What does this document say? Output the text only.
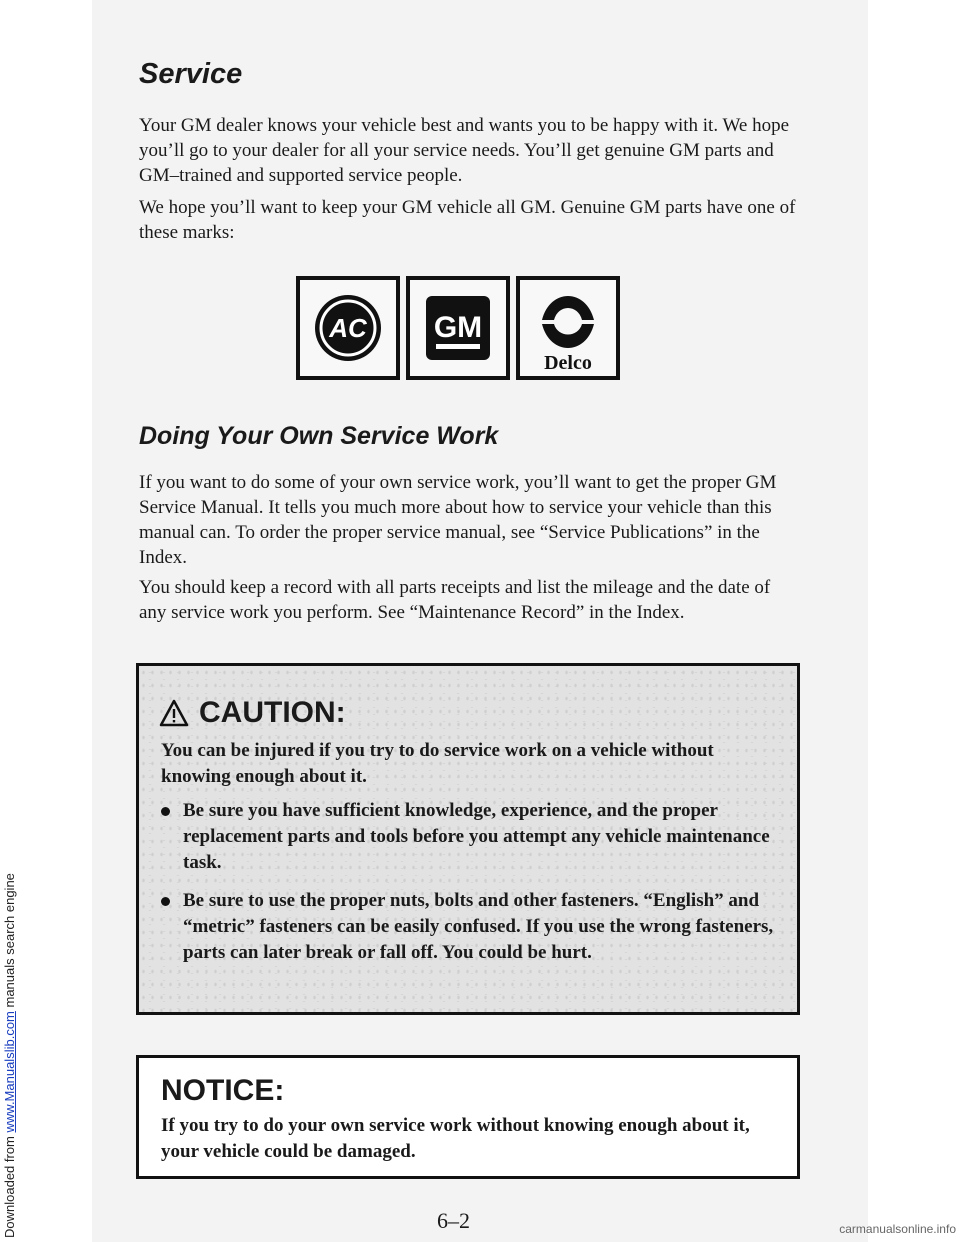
Downloaded from www.Manualslib.com manuals search engine
Service

Your GM dealer knows your vehicle best and wants you to be happy with it. We hope you’ll go to your dealer for all your service needs. You’ll get genuine GM parts and GM–trained and supported service people.

We hope you’ll want to keep your GM vehicle all GM. Genuine GM parts have one of these marks:

AC GM
Delco
Doing Your Own Service Work

If you want to do some of your own service work, you’ll want to get the proper GM Service Manual. It tells you much more about how to service your vehicle than this manual can. To order the proper service manual, see “Service Publications” in the Index.

You should keep a record with all parts receipts and list the mileage and the date of any service work you perform. See “Maintenance Record” in the Index.

CAUTION:

You can be injured if you try to do service work on a vehicle without knowing enough about it.

Be sure you have sufficient knowledge, experience, and the proper replacement parts and tools before you attempt any vehicle maintenance task.
Be sure to use the proper nuts, bolts and other fasteners. “English” and “metric” fasteners can be easily confused. If you use the wrong fasteners, parts can later break or fall off. You could be hurt.
NOTICE:

If you try to do your own service work without knowing enough about it, your vehicle could be damaged.

6–2	carmanualsonline.info
